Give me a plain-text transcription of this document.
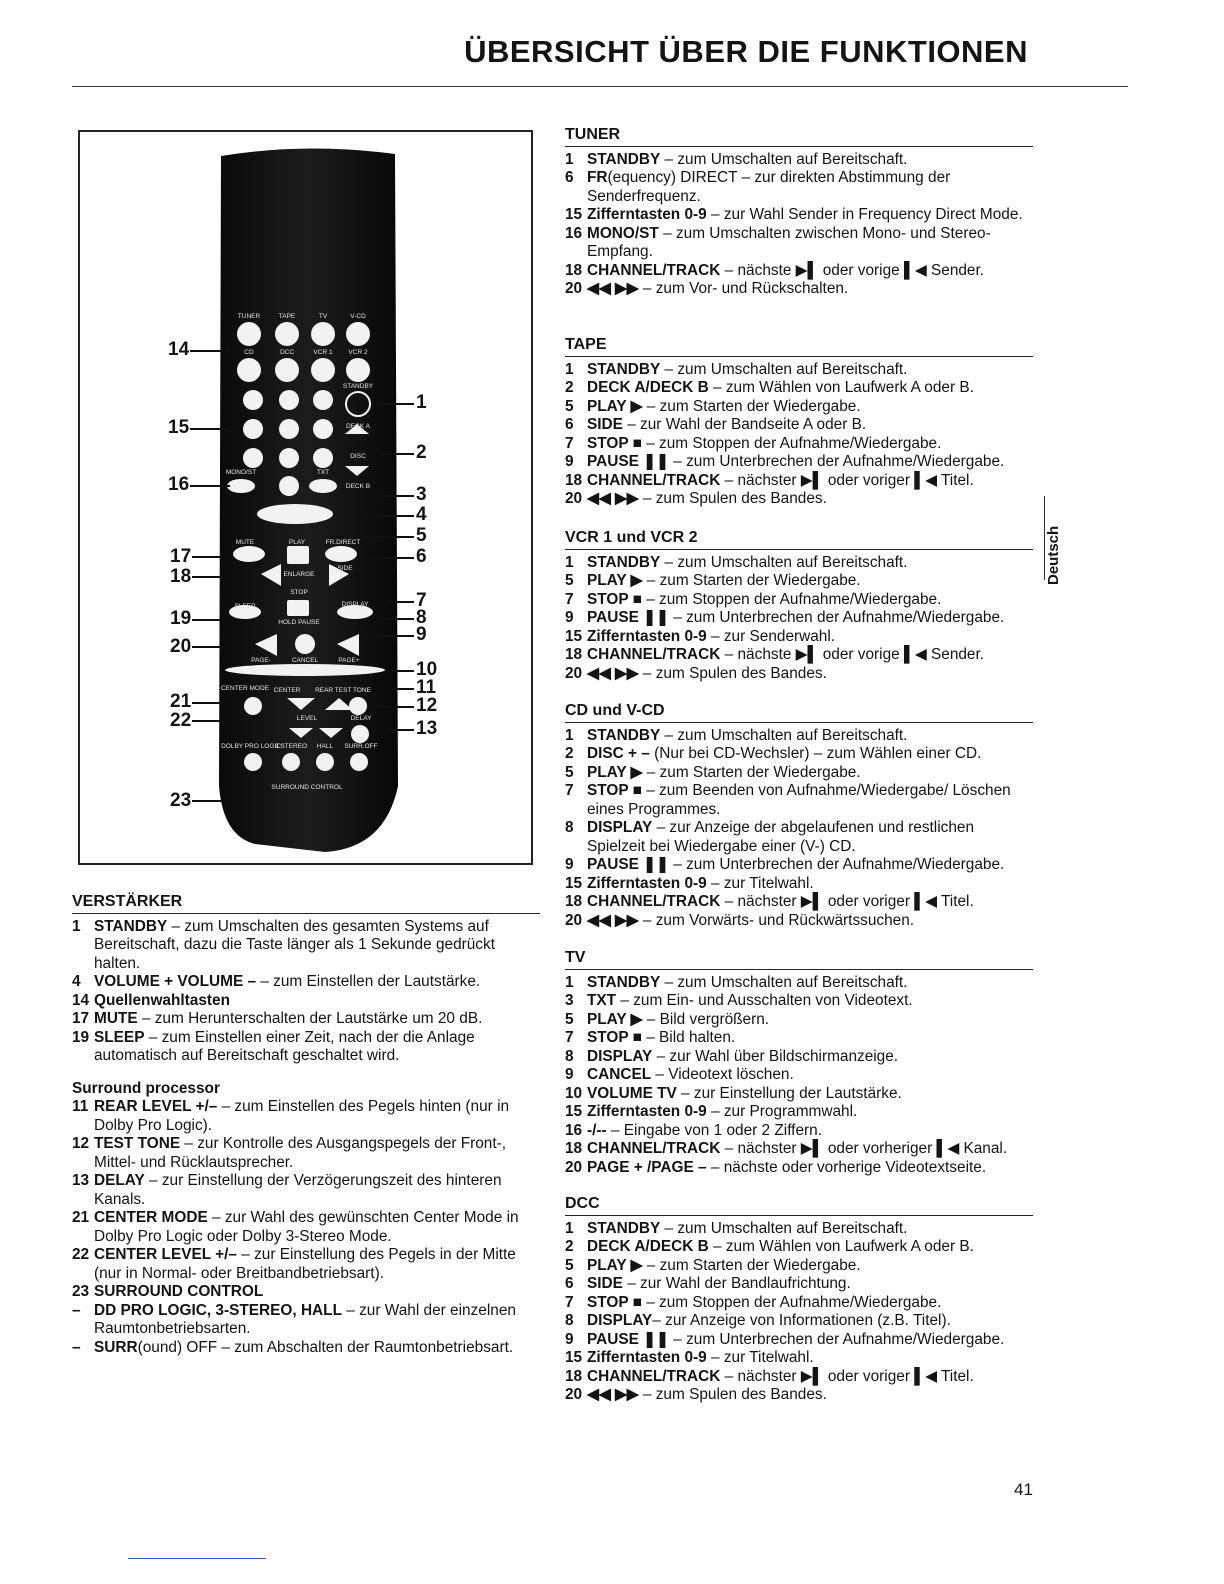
ÜBERSICHT ÜBER DIE FUNKTIONEN
TUNER	TAPE	TV	V-CD
CD	DCC	VCR 1 VCR 2
STANDBY
DECK A
DISC
MONO/ST	TXT
DECK B
MUTE	PLAY	FR.DIRECT
SIDE
ENLARGE
STOP
SLEEP	DISPLAY
HOLD PAUSE
PAGE-	CANCEL	PAGE+
CENTER MODE CENTER REAR TEST TONE
LEVEL	DELAY
DOLBY PRO LOGIC
3 STEREO HALL SURR.OFF
SURROUND CONTROL
14
15
16
17
18
19
20
21
22
23
1
2
3
4
5
6
7
8
9
10
11
12
13
VERSTÄRKER
1 STANDBY – zum Umschalten des gesamten Systems auf Bereitschaft, dazu die Taste länger als 1 Sekunde gedrückt halten.
4 VOLUME + VOLUME – – zum Einstellen der Lautstärke.
14 Quellenwahltasten
17 MUTE – zum Herunterschalten der Lautstärke um 20 dB.
19 SLEEP – zum Einstellen einer Zeit, nach der die Anlage automatisch auf Bereitschaft geschaltet wird.
Surround processor
11 REAR LEVEL +/– – zum Einstellen des Pegels hinten (nur in Dolby Pro Logic).
12 TEST TONE – zur Kontrolle des Ausgangspegels der Front-, Mittel- und Rücklautsprecher.
13 DELAY – zur Einstellung der Verzögerungszeit des hinteren Kanals.
21 CENTER MODE – zur Wahl des gewünschten Center Mode in Dolby Pro Logic oder Dolby 3-Stereo Mode.
22 CENTER LEVEL +/– – zur Einstellung des Pegels in der Mitte (nur in Normal- oder Breitbandbetriebsart).
23 SURROUND CONTROL
– DD PRO LOGIC, 3-STEREO, HALL – zur Wahl der einzelnen Raumtonbetriebsarten.
– SURR(ound) OFF – zum Abschalten der Raumtonbetriebsart.
TUNER
1 STANDBY – zum Umschalten auf Bereitschaft.
6 FR(equency) DIRECT – zur direkten Abstimmung der Senderfrequenz.
15 Zifferntasten 0-9 – zur Wahl Sender in Frequency Direct Mode.
16 MONO/ST – zum Umschalten zwischen Mono- und Stereo-Empfang.
18 CHANNEL/TRACK – nächste ▶▌ oder vorige ▌◀ Sender.
20 ◀◀ ▶▶ – zum Vor- und Rückschalten.
TAPE
1 STANDBY – zum Umschalten auf Bereitschaft.
2 DECK A/DECK B – zum Wählen von Laufwerk A oder B.
5 PLAY ▶ – zum Starten der Wiedergabe.
6 SIDE – zur Wahl der Bandseite A oder B.
7 STOP ■ – zum Stoppen der Aufnahme/Wiedergabe.
9 PAUSE ❚❚ – zum Unterbrechen der Aufnahme/Wiedergabe.
18 CHANNEL/TRACK – nächster ▶▌ oder voriger ▌◀ Titel.
20 ◀◀ ▶▶ – zum Spulen des Bandes.
VCR 1 und VCR 2
1 STANDBY – zum Umschalten auf Bereitschaft.
5 PLAY ▶ – zum Starten der Wiedergabe.
7 STOP ■ – zum Stoppen der Aufnahme/Wiedergabe.
9 PAUSE ❚❚ – zum Unterbrechen der Aufnahme/Wiedergabe.
15 Zifferntasten 0-9 – zur Senderwahl.
18 CHANNEL/TRACK – nächste ▶▌ oder vorige ▌◀ Sender.
20 ◀◀ ▶▶ – zum Spulen des Bandes.
CD und V-CD
1 STANDBY – zum Umschalten auf Bereitschaft.
2 DISC + – (Nur bei CD-Wechsler) – zum Wählen einer CD.
5 PLAY ▶ – zum Starten der Wiedergabe.
7 STOP ■ – zum Beenden von Aufnahme/Wiedergabe/ Löschen eines Programmes.
8 DISPLAY – zur Anzeige der abgelaufenen und restlichen Spielzeit bei Wiedergabe einer (V-) CD.
9 PAUSE ❚❚ – zum Unterbrechen der Aufnahme/Wiedergabe.
15 Zifferntasten 0-9 – zur Titelwahl.
18 CHANNEL/TRACK – nächster ▶▌ oder voriger ▌◀ Titel.
20 ◀◀ ▶▶ – zum Vorwärts- und Rückwärtssuchen.
TV
1 STANDBY – zum Umschalten auf Bereitschaft.
3 TXT – zum Ein- und Ausschalten von Videotext.
5 PLAY ▶ – Bild vergrößern.
7 STOP ■ – Bild halten.
8 DISPLAY – zur Wahl über Bildschirmanzeige.
9 CANCEL – Videotext löschen.
10 VOLUME TV – zur Einstellung der Lautstärke.
15 Zifferntasten 0-9 – zur Programmwahl.
16 -/-- – Eingabe von 1 oder 2 Ziffern.
18 CHANNEL/TRACK – nächster ▶▌ oder vorheriger ▌◀ Kanal.
20 PAGE + /PAGE – – nächste oder vorherige Videotextseite.
DCC
1 STANDBY – zum Umschalten auf Bereitschaft.
2 DECK A/DECK B – zum Wählen von Laufwerk A oder B.
5 PLAY ▶ – zum Starten der Wiedergabe.
6 SIDE – zur Wahl der Bandlaufrichtung.
7 STOP ■ – zum Stoppen der Aufnahme/Wiedergabe.
8 DISPLAY– zur Anzeige von Informationen (z.B. Titel).
9 PAUSE ❚❚ – zum Unterbrechen der Aufnahme/Wiedergabe.
15 Zifferntasten 0-9 – zur Titelwahl.
18 CHANNEL/TRACK – nächster ▶▌ oder voriger ▌◀ Titel.
20 ◀◀ ▶▶ – zum Spulen des Bandes.
Deutsch
41
